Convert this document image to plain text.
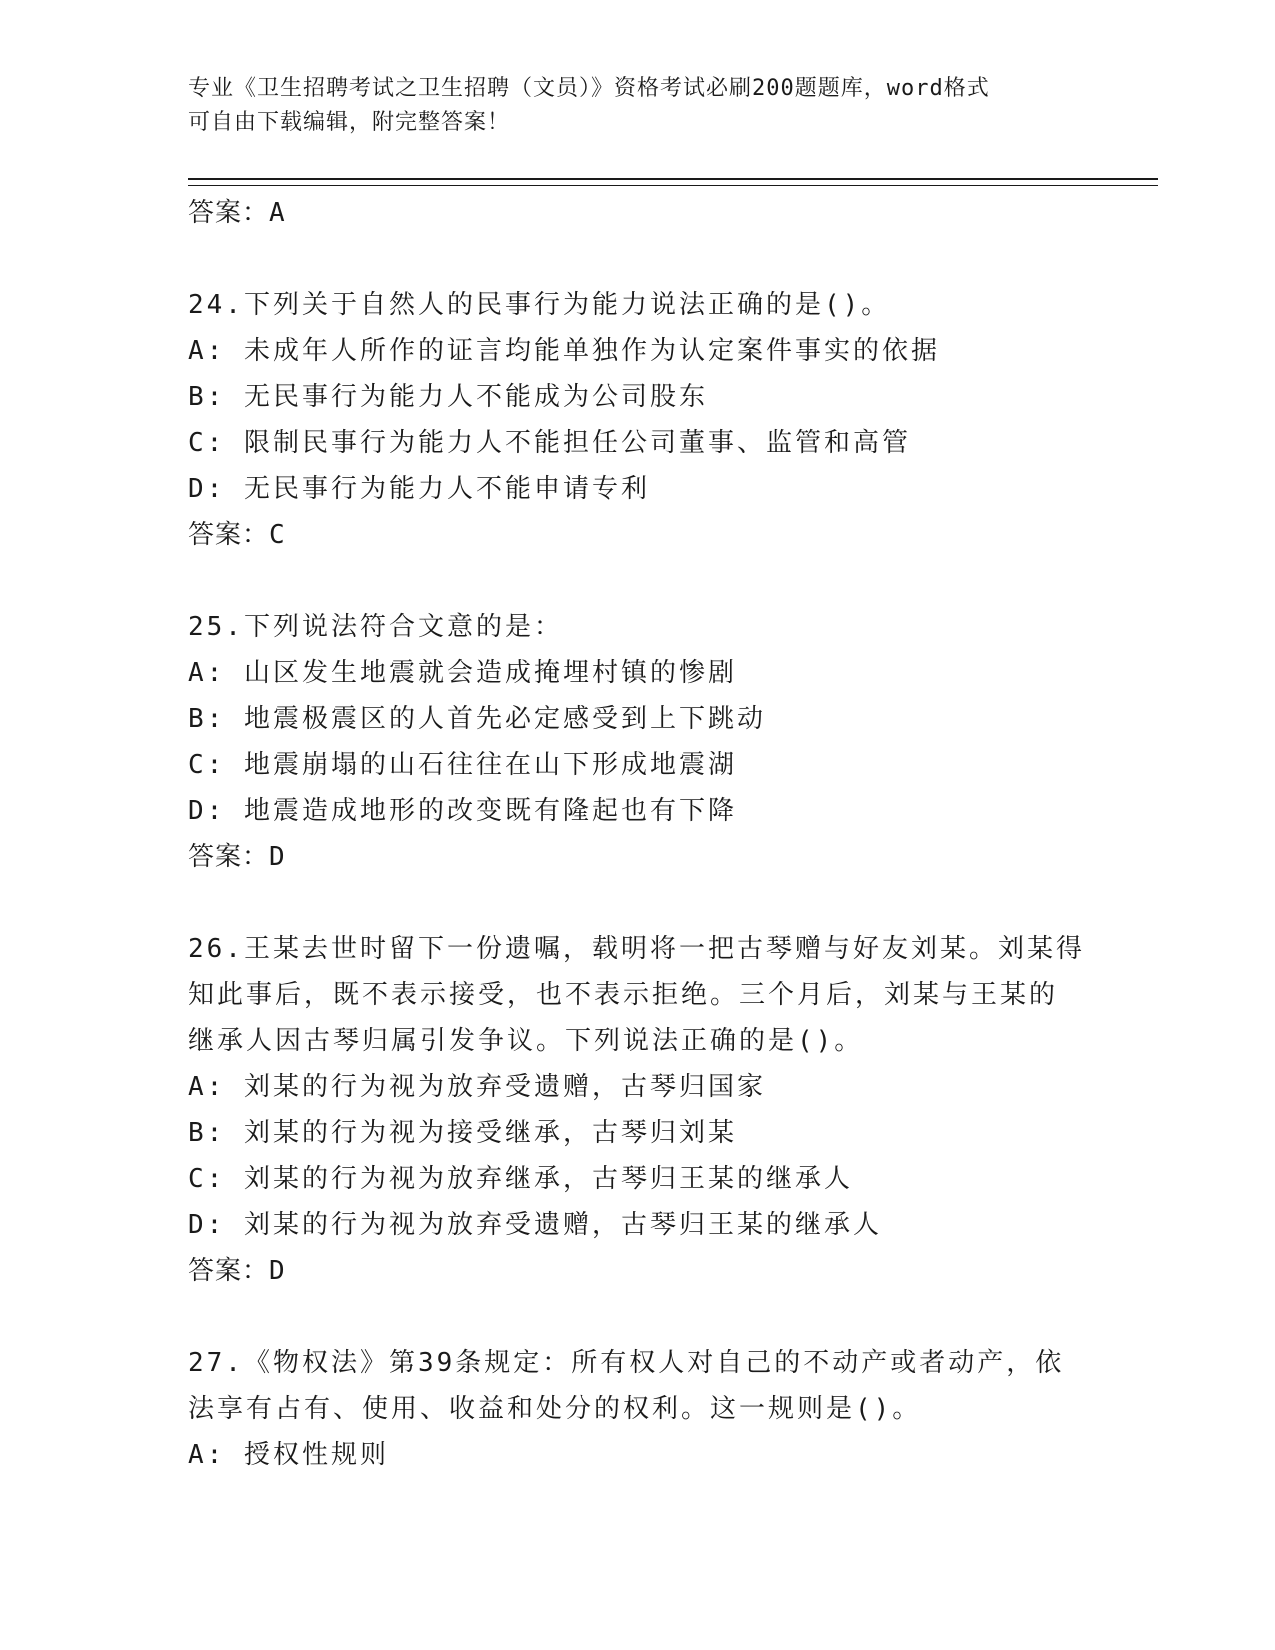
专业《卫生招聘考试之卫生招聘（文员）》资格考试必刷200题题库，word格式
可自由下载编辑，附完整答案！
答案：A
24.下列关于自然人的民事行为能力说法正确的是()。
A: 未成年人所作的证言均能单独作为认定案件事实的依据
B: 无民事行为能力人不能成为公司股东
C: 限制民事行为能力人不能担任公司董事、监管和高管
D: 无民事行为能力人不能申请专利
答案：C
25.下列说法符合文意的是：
A: 山区发生地震就会造成掩埋村镇的惨剧
B: 地震极震区的人首先必定感受到上下跳动
C: 地震崩塌的山石往往在山下形成地震湖
D: 地震造成地形的改变既有隆起也有下降
答案：D
26.王某去世时留下一份遗嘱，载明将一把古琴赠与好友刘某。刘某得
知此事后，既不表示接受，也不表示拒绝。三个月后，刘某与王某的
继承人因古琴归属引发争议。下列说法正确的是()。
A: 刘某的行为视为放弃受遗赠，古琴归国家
B: 刘某的行为视为接受继承，古琴归刘某
C: 刘某的行为视为放弃继承，古琴归王某的继承人
D: 刘某的行为视为放弃受遗赠，古琴归王某的继承人
答案：D
27.《物权法》第39条规定：所有权人对自己的不动产或者动产，依
法享有占有、使用、收益和处分的权利。这一规则是()。
A: 授权性规则
